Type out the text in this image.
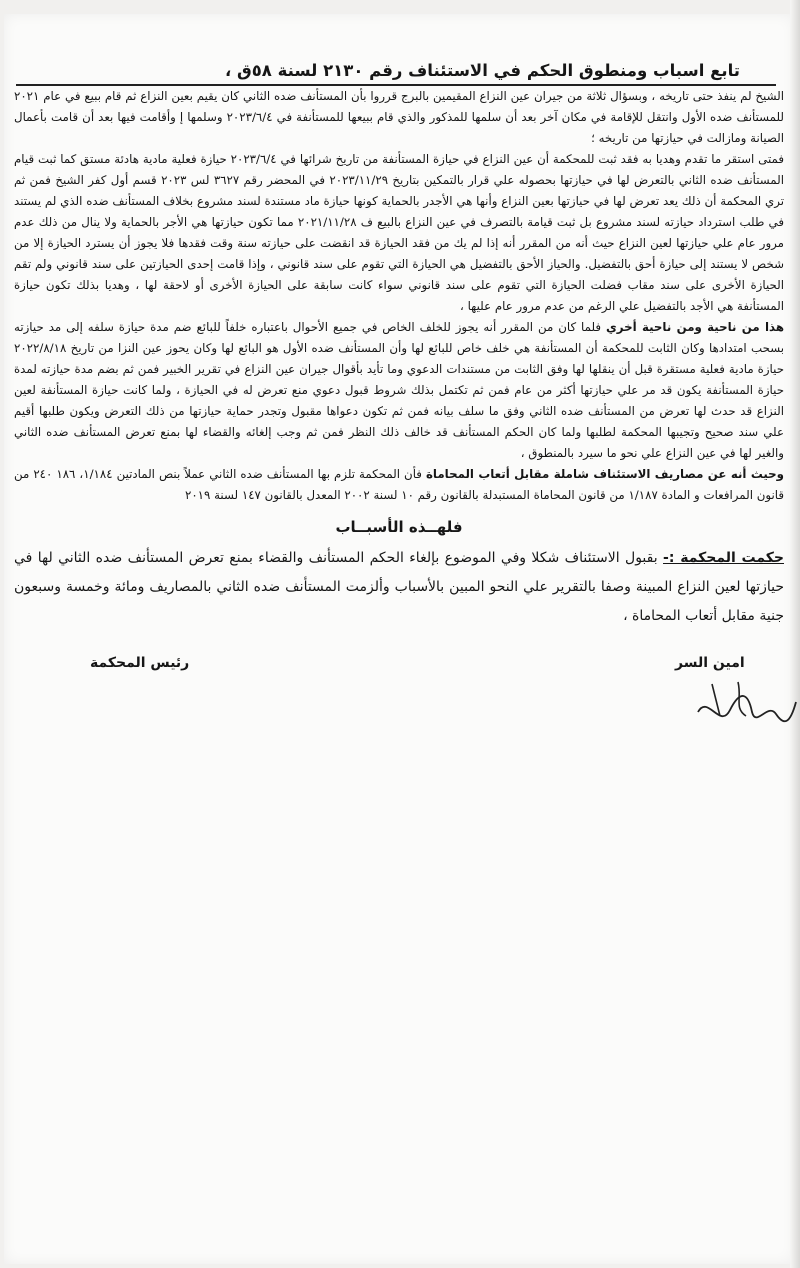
تابع اسباب ومنطوق الحكم في الاستئناف رقم ٢١٣٠ لسنة ٥٨ق ،

الشيخ لم ينفذ حتى تاريخه ، وبسؤال ثلاثة من جيران عين النزاع المقيمين بالبرج قرروا بأن المستأنف ضده الثاني كان يقيم بعين النزاع ثم قام ببيع في عام ٢٠٢١ للمستأنف ضده الأول وانتقل للإقامة في مكان آخر بعد أن سلمها للمذكور والذي قام ببيعها للمستأنفة في ٢٠٢٣/٦/٤ وسلمها إ وأقامت فيها بعد أن قامت بأعمال الصيانة ومازالت في حيازتها من تاريخه ؛

فمتى استقر ما تقدم وهديا به فقد ثبت للمحكمة أن عين النزاع في حيازة المستأنفة من تاريخ شرائها في ٢٠٢٣/٦/٤ حيازة فعلية مادية هادئة مستق كما ثبت قيام المستأنف ضده الثاني بالتعرض لها في حيازتها بحصوله علي قرار بالتمكين بتاريخ ٢٠٢٣/١١/٢٩ في المحضر رقم ٣٦٢٧ لس ٢٠٢٣ قسم أول كفر الشيخ فمن ثم تري المحكمة أن ذلك يعد تعرض لها في حيازتها بعين النزاع وأنها هي الأجدر بالحماية كونها حيازة ماد مستندة لسند مشروع بخلاف المستأنف ضده الذي لم يستند في طلب استرداد حيازته لسند مشروع بل ثبت قيامة بالتصرف في عين النزاع بالبيع ف ٢٠٢١/١١/٢٨ مما تكون حيازتها هي الأجر بالحماية ولا ينال من ذلك عدم مرور عام علي حيازتها لعين النزاع حيث أنه من المقرر أنه إذا لم يك من فقد الحيازة قد انقضت على حيازته سنة وقت فقدها فلا يجوز أن يسترد الحيازة إلا من شخص لا يستند إلى حيازة أحق بالتفضيل. والحياز الأحق بالتفضيل هي الحيازة التي تقوم على سند قانوني ، وإذا قامت إحدى الحيازتين على سند قانوني ولم تقم الحيازة الأخرى على سند مقاب فضلت الحيازة التي تقوم على سند قانوني سواء كانت سابقة على الحيازة الأخرى أو لاحقة لها ، وهديا بذلك تكون حيازة المستأنفة هي الأجد بالتفضيل علي الرغم من عدم مرور عام عليها ،

هذا من ناحية ومن ناحية أخري فلما كان من المقرر أنه يجوز للخلف الخاص في جميع الأحوال باعتباره خلفاً للبائع ضم مدة حيازة سلفه إلى مد حيازته بسحب امتدادها وكان الثابت للمحكمة أن المستأنفة هي خلف خاص للبائع لها وأن المستأنف ضده الأول هو البائع لها وكان يحوز عين النزا من تاريخ ٢٠٢٢/٨/١٨ حيازة مادية فعلية مستقرة قبل أن ينقلها لها وفق الثابت من مستندات الدعوي وما تأيد بأقوال جيران عين النزاع في تقرير الخبير فمن ثم بضم مدة حيازته لمدة حيازة المستأنفة يكون قد مر علي حيازتها أكثر من عام فمن ثم تكتمل بذلك شروط قبول دعوي منع تعرض له في الحيازة ، ولما كانت حيازة المستأنفة لعين النزاع قد حدث لها تعرض من المستأنف ضده الثاني وفق ما سلف بيانه فمن ثم تكون دعواها مقبول وتجدر حماية حيازتها من ذلك التعرض ويكون طلبها أقيم علي سند صحيح وتجيبها المحكمة لطلبها ولما كان الحكم المستأنف قد خالف ذلك النظر فمن ثم وجب إلغائه والقضاء لها بمنع تعرض المستأنف ضده الثاني والغير لها في عين النزاع علي نحو ما سيرد بالمنطوق ،

وحيث أنه عن مصاريف الاستئناف شاملة مقابل أتعاب المحاماة فأن المحكمة تلزم بها المستأنف ضده الثاني عملاً بنص المادتين ١/١٨٤، ١٨٦ ٢٤٠ من قانون المرافعات و المادة ١/١٨٧ من قانون المحاماة المستبدلة بالقانون رقم ١٠ لسنة ٢٠٠٢ المعدل بالقانون ١٤٧ لسنة ٢٠١٩

فلهــذه الأسبــاب

حكمت المحكمة :- بقبول الاستئناف شكلا وفي الموضوع بإلغاء الحكم المستأنف والقضاء بمنع تعرض المستأنف ضده الثاني لها في حيازتها لعين النزاع المبينة وصفا بالتقرير علي النحو المبين بالأسباب وألزمت المستأنف ضده الثاني بالمصاريف ومائة وخمسة وسبعون جنية مقابل أتعاب المحاماة ،

رئيس المحكمة	امين السر
